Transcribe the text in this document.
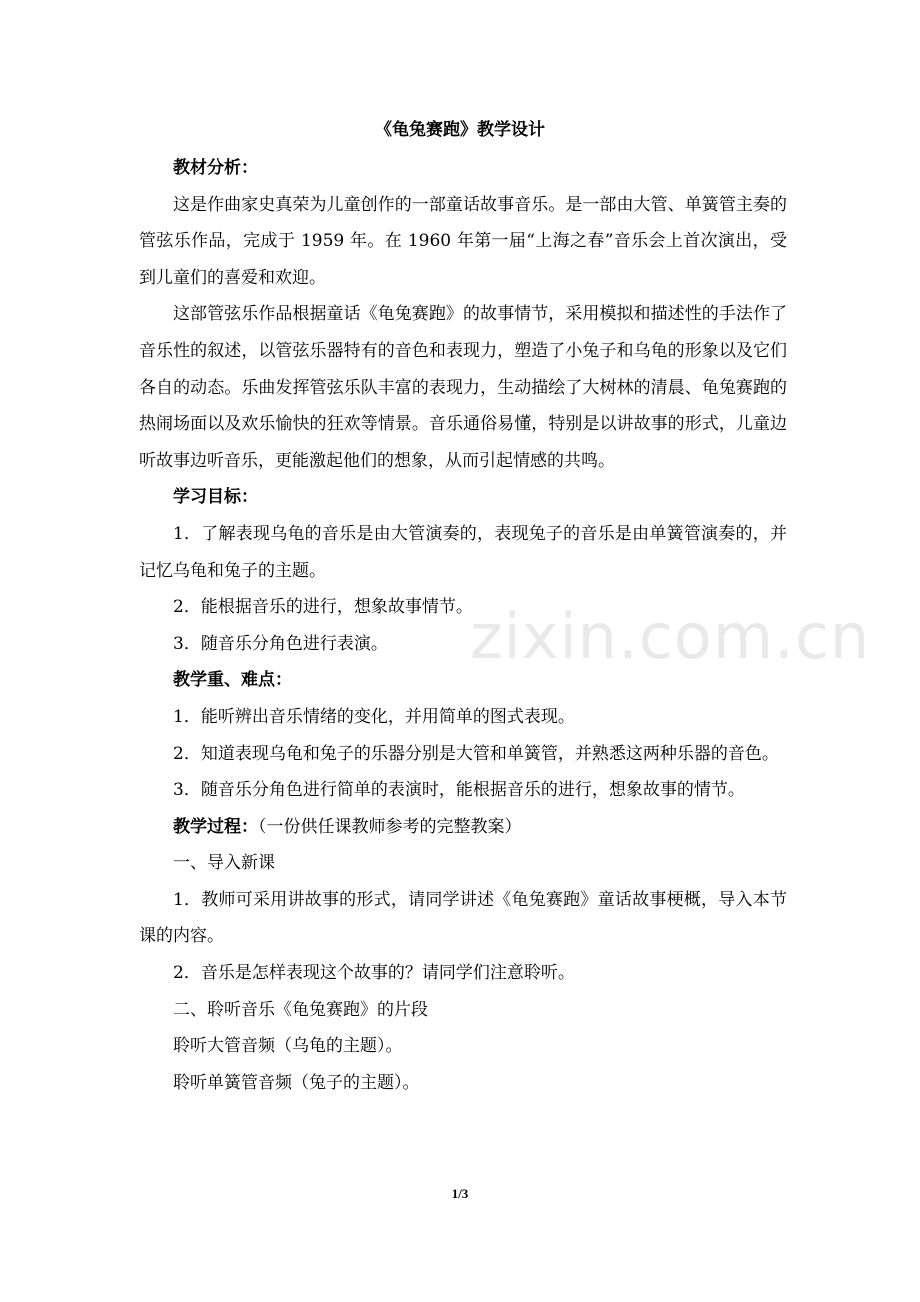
《龟兔赛跑》教学设计

教材分析：

这是作曲家史真荣为儿童创作的一部童话故事音乐。是一部由大管、单簧管主奏的管弦乐作品，完成于 1959 年。在 1960 年第一届“上海之春”音乐会上首次演出，受到儿童们的喜爱和欢迎。

这部管弦乐作品根据童话《龟兔赛跑》的故事情节，采用模拟和描述性的手法作了音乐性的叙述，以管弦乐器特有的音色和表现力，塑造了小兔子和乌龟的形象以及它们各自的动态。乐曲发挥管弦乐队丰富的表现力，生动描绘了大树林的清晨、龟兔赛跑的热闹场面以及欢乐愉快的狂欢等情景。音乐通俗易懂，特别是以讲故事的形式，儿童边听故事边听音乐，更能激起他们的想象，从而引起情感的共鸣。

学习目标：

1．了解表现乌龟的音乐是由大管演奏的，表现兔子的音乐是由单簧管演奏的，并记忆乌龟和兔子的主题。

2．能根据音乐的进行，想象故事情节。

3．随音乐分角色进行表演。

教学重、难点：

1．能听辨出音乐情绪的变化，并用简单的图式表现。

2．知道表现乌龟和兔子的乐器分别是大管和单簧管，并熟悉这两种乐器的音色。

3．随音乐分角色进行简单的表演时，能根据音乐的进行，想象故事的情节。

教学过程：（一份供任课教师参考的完整教案）

一、导入新课

1．教师可采用讲故事的形式，请同学讲述《龟兔赛跑》童话故事梗概，导入本节课的内容。

2．音乐是怎样表现这个故事的？请同学们注意聆听。

二、聆听音乐《龟兔赛跑》的片段

聆听大管音频（乌龟的主题）。

聆听单簧管音频（兔子的主题）。

zixin.com.cn
1/3
